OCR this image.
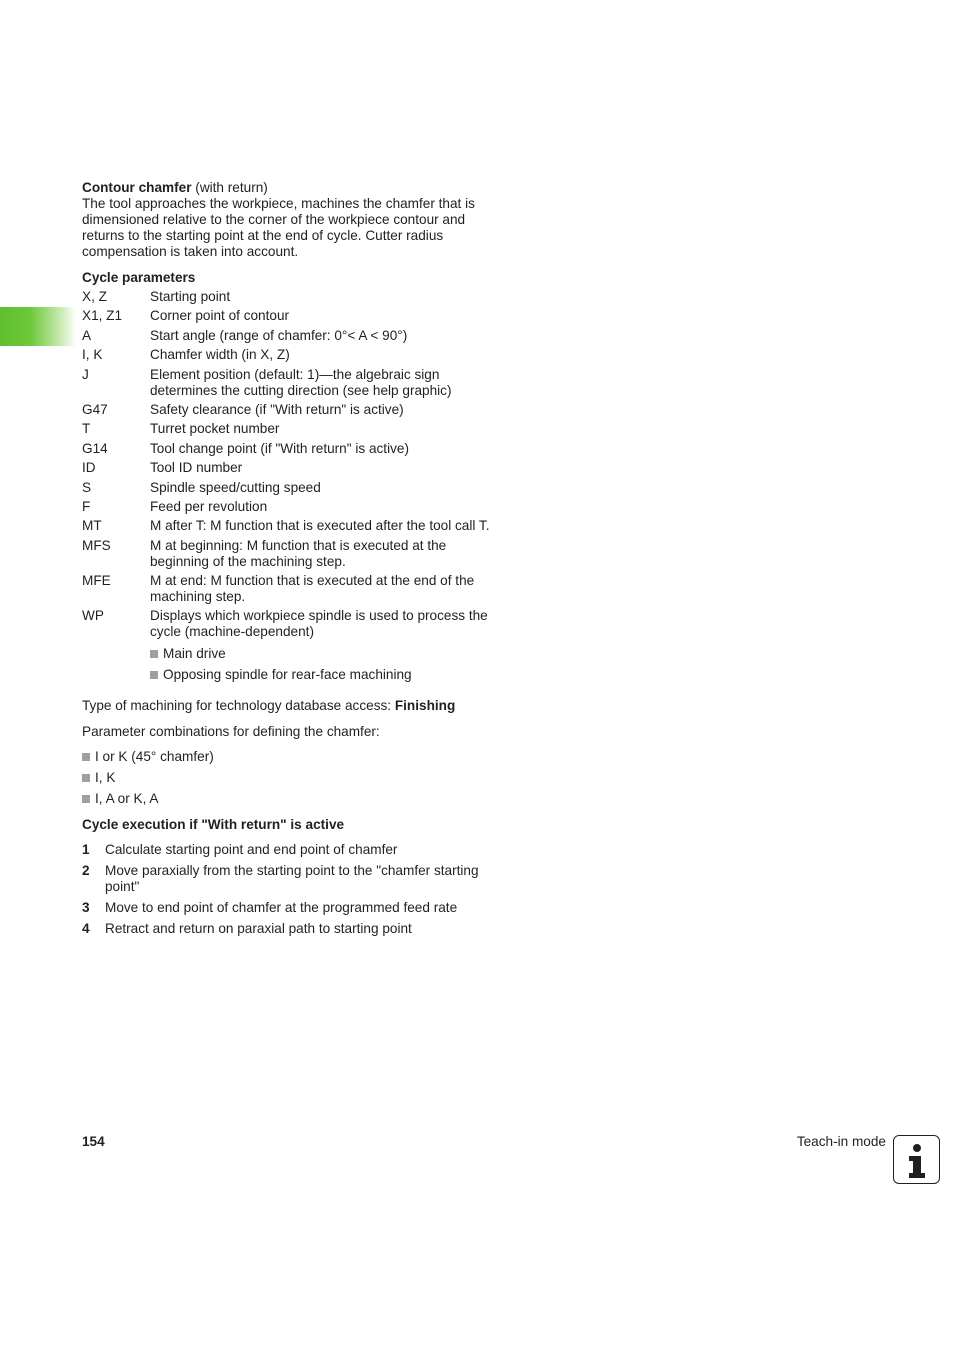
Contour chamfer (with return)
The tool approaches the workpiece, machines the chamfer that is
dimensioned relative to the corner of the workpiece contour and
returns to the starting point at the end of cycle. Cutter radius
compensation is taken into account.

Cycle parameters

X, Z	Starting point
X1, Z1	Corner point of contour
A	Start angle (range of chamfer: 0°< A < 90°)
I, K	Chamfer width (in X, Z)
J	Element position (default: 1)—the algebraic sign
determines the cutting direction (see help graphic)
G47	Safety clearance (if "With return" is active)
T	Turret pocket number
G14	Tool change point (if "With return" is active)
ID	Tool ID number
S	Spindle speed/cutting speed
F	Feed per revolution
MT	M after T: M function that is executed after the tool call T.
MFS	M at beginning: M function that is executed at the
beginning of the machining step.
MFE	M at end: M function that is executed at the end of the
machining step.
WP	Displays which workpiece spindle is used to process the
cycle (machine-dependent)
Main drive
Opposing spindle for rear-face machining

Type of machining for technology database access: Finishing

Parameter combinations for defining the chamfer:

I or K (45° chamfer)
I, K
I, A or K, A

Cycle execution if "With return" is active

1	Calculate starting point and end point of chamfer
2	Move paraxially from the starting point to the "chamfer starting
point"
3	Move to end point of chamfer at the programmed feed rate
4	Retract and return on paraxial path to starting point
154	Teach-in mode
